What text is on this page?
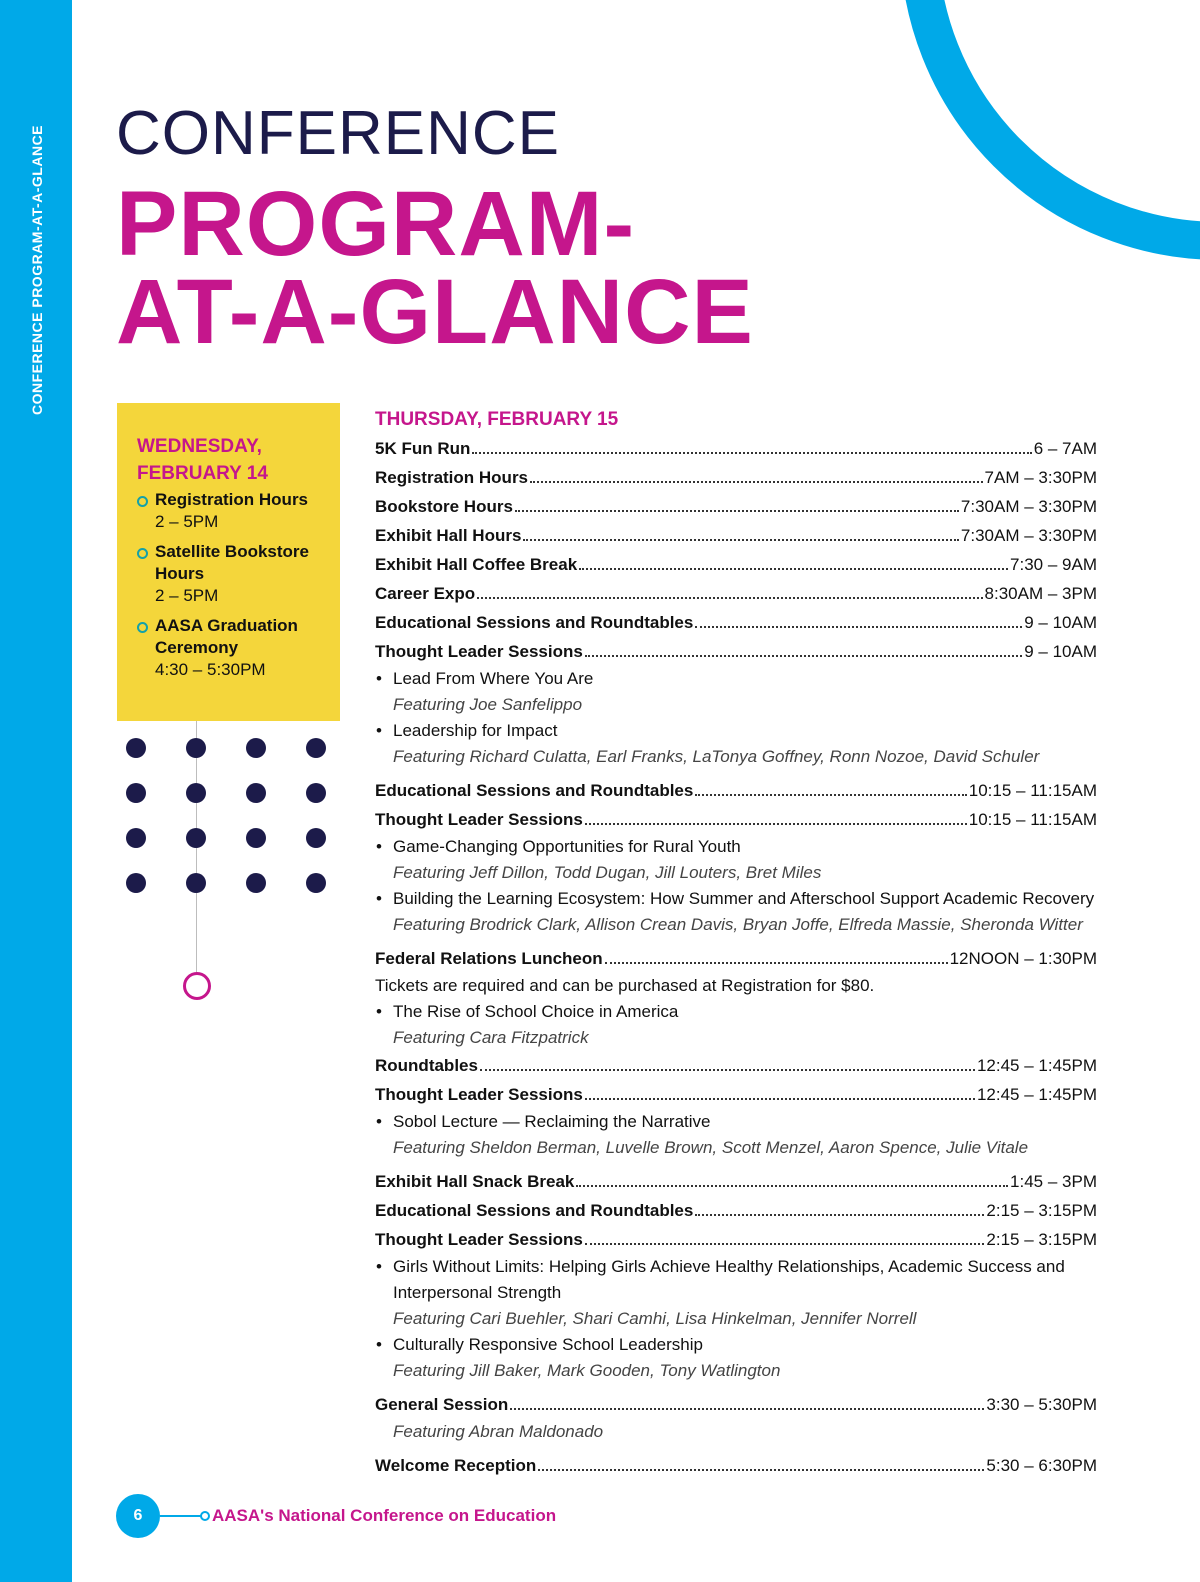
CONFERENCE PROGRAM-AT-A-GLANCE CONFERENCE
PROGRAM-
AT-A-GLANCE
WEDNESDAY,
FEBRUARY 14
Registration Hours
2 – 5PM
Satellite Bookstore Hours
2 – 5PM
AASA Graduation Ceremony
4:30 – 5:30PM
THURSDAY, FEBRUARY 15
5K Fun Run	6 – 7AM
Registration Hours	7AM – 3:30PM
Bookstore Hours	7:30AM – 3:30PM
Exhibit Hall Hours	7:30AM – 3:30PM
Exhibit Hall Coffee Break	7:30 – 9AM
Career Expo	8:30AM – 3PM
Educational Sessions and Roundtables	9 – 10AM
Thought Leader Sessions	9 – 10AM
• Lead From Where You Are
Featuring Joe Sanfelippo
• Leadership for Impact
Featuring Richard Culatta, Earl Franks, LaTonya Goffney, Ronn Nozoe, David Schuler
Educational Sessions and Roundtables	10:15 – 11:15AM
Thought Leader Sessions	10:15 – 11:15AM
• Game-Changing Opportunities for Rural Youth
Featuring Jeff Dillon, Todd Dugan, Jill Louters, Bret Miles
• Building the Learning Ecosystem: How Summer and Afterschool Support Academic Recovery
Featuring Brodrick Clark, Allison Crean Davis, Bryan Joffe, Elfreda Massie, Sheronda Witter
Federal Relations Luncheon	12NOON – 1:30PM
Tickets are required and can be purchased at Registration for $80.
• The Rise of School Choice in America
Featuring Cara Fitzpatrick
Roundtables	12:45 – 1:45PM
Thought Leader Sessions	12:45 – 1:45PM
• Sobol Lecture — Reclaiming the Narrative
Featuring Sheldon Berman, Luvelle Brown, Scott Menzel, Aaron Spence, Julie Vitale
Exhibit Hall Snack Break	1:45 – 3PM
Educational Sessions and Roundtables	2:15 – 3:15PM
Thought Leader Sessions	2:15 – 3:15PM
• Girls Without Limits: Helping Girls Achieve Healthy Relationships, Academic Success and Interpersonal Strength
Featuring Cari Buehler, Shari Camhi, Lisa Hinkelman, Jennifer Norrell
• Culturally Responsive School Leadership
Featuring Jill Baker, Mark Gooden, Tony Watlington
General Session	3:30 – 5:30PM
Featuring Abran Maldonado
Welcome Reception	5:30 – 6:30PM
6	AASA's National Conference on Education
